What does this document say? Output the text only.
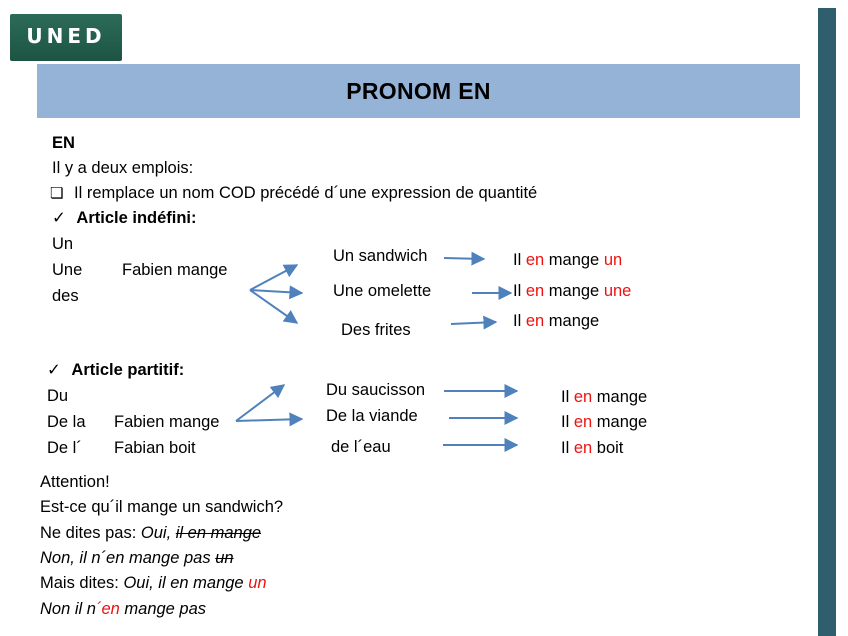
UNED
PRONOM EN
EN
Il y a deux emplois:
❏ Il remplace un nom COD précédé d´une expression de quantité
✓ Article indéfini:
Un
Une
des
Fabien mange
Un sandwich
Une omelette
Des frites
Il en mange un
Il en mange une
Il en mange
✓ Article partitif:
Du
De la
De l´
Fabien mange
Fabian boit
Du saucisson
De la viande
de l´eau
Il en mange
Il en mange
Il en boit
Attention!
Est-ce qu´il mange un sandwich?
Ne dites pas: Oui, il en mange
Non, il n´en mange pas un
Mais dites: Oui, il en mange un
Non il n´en mange pas
